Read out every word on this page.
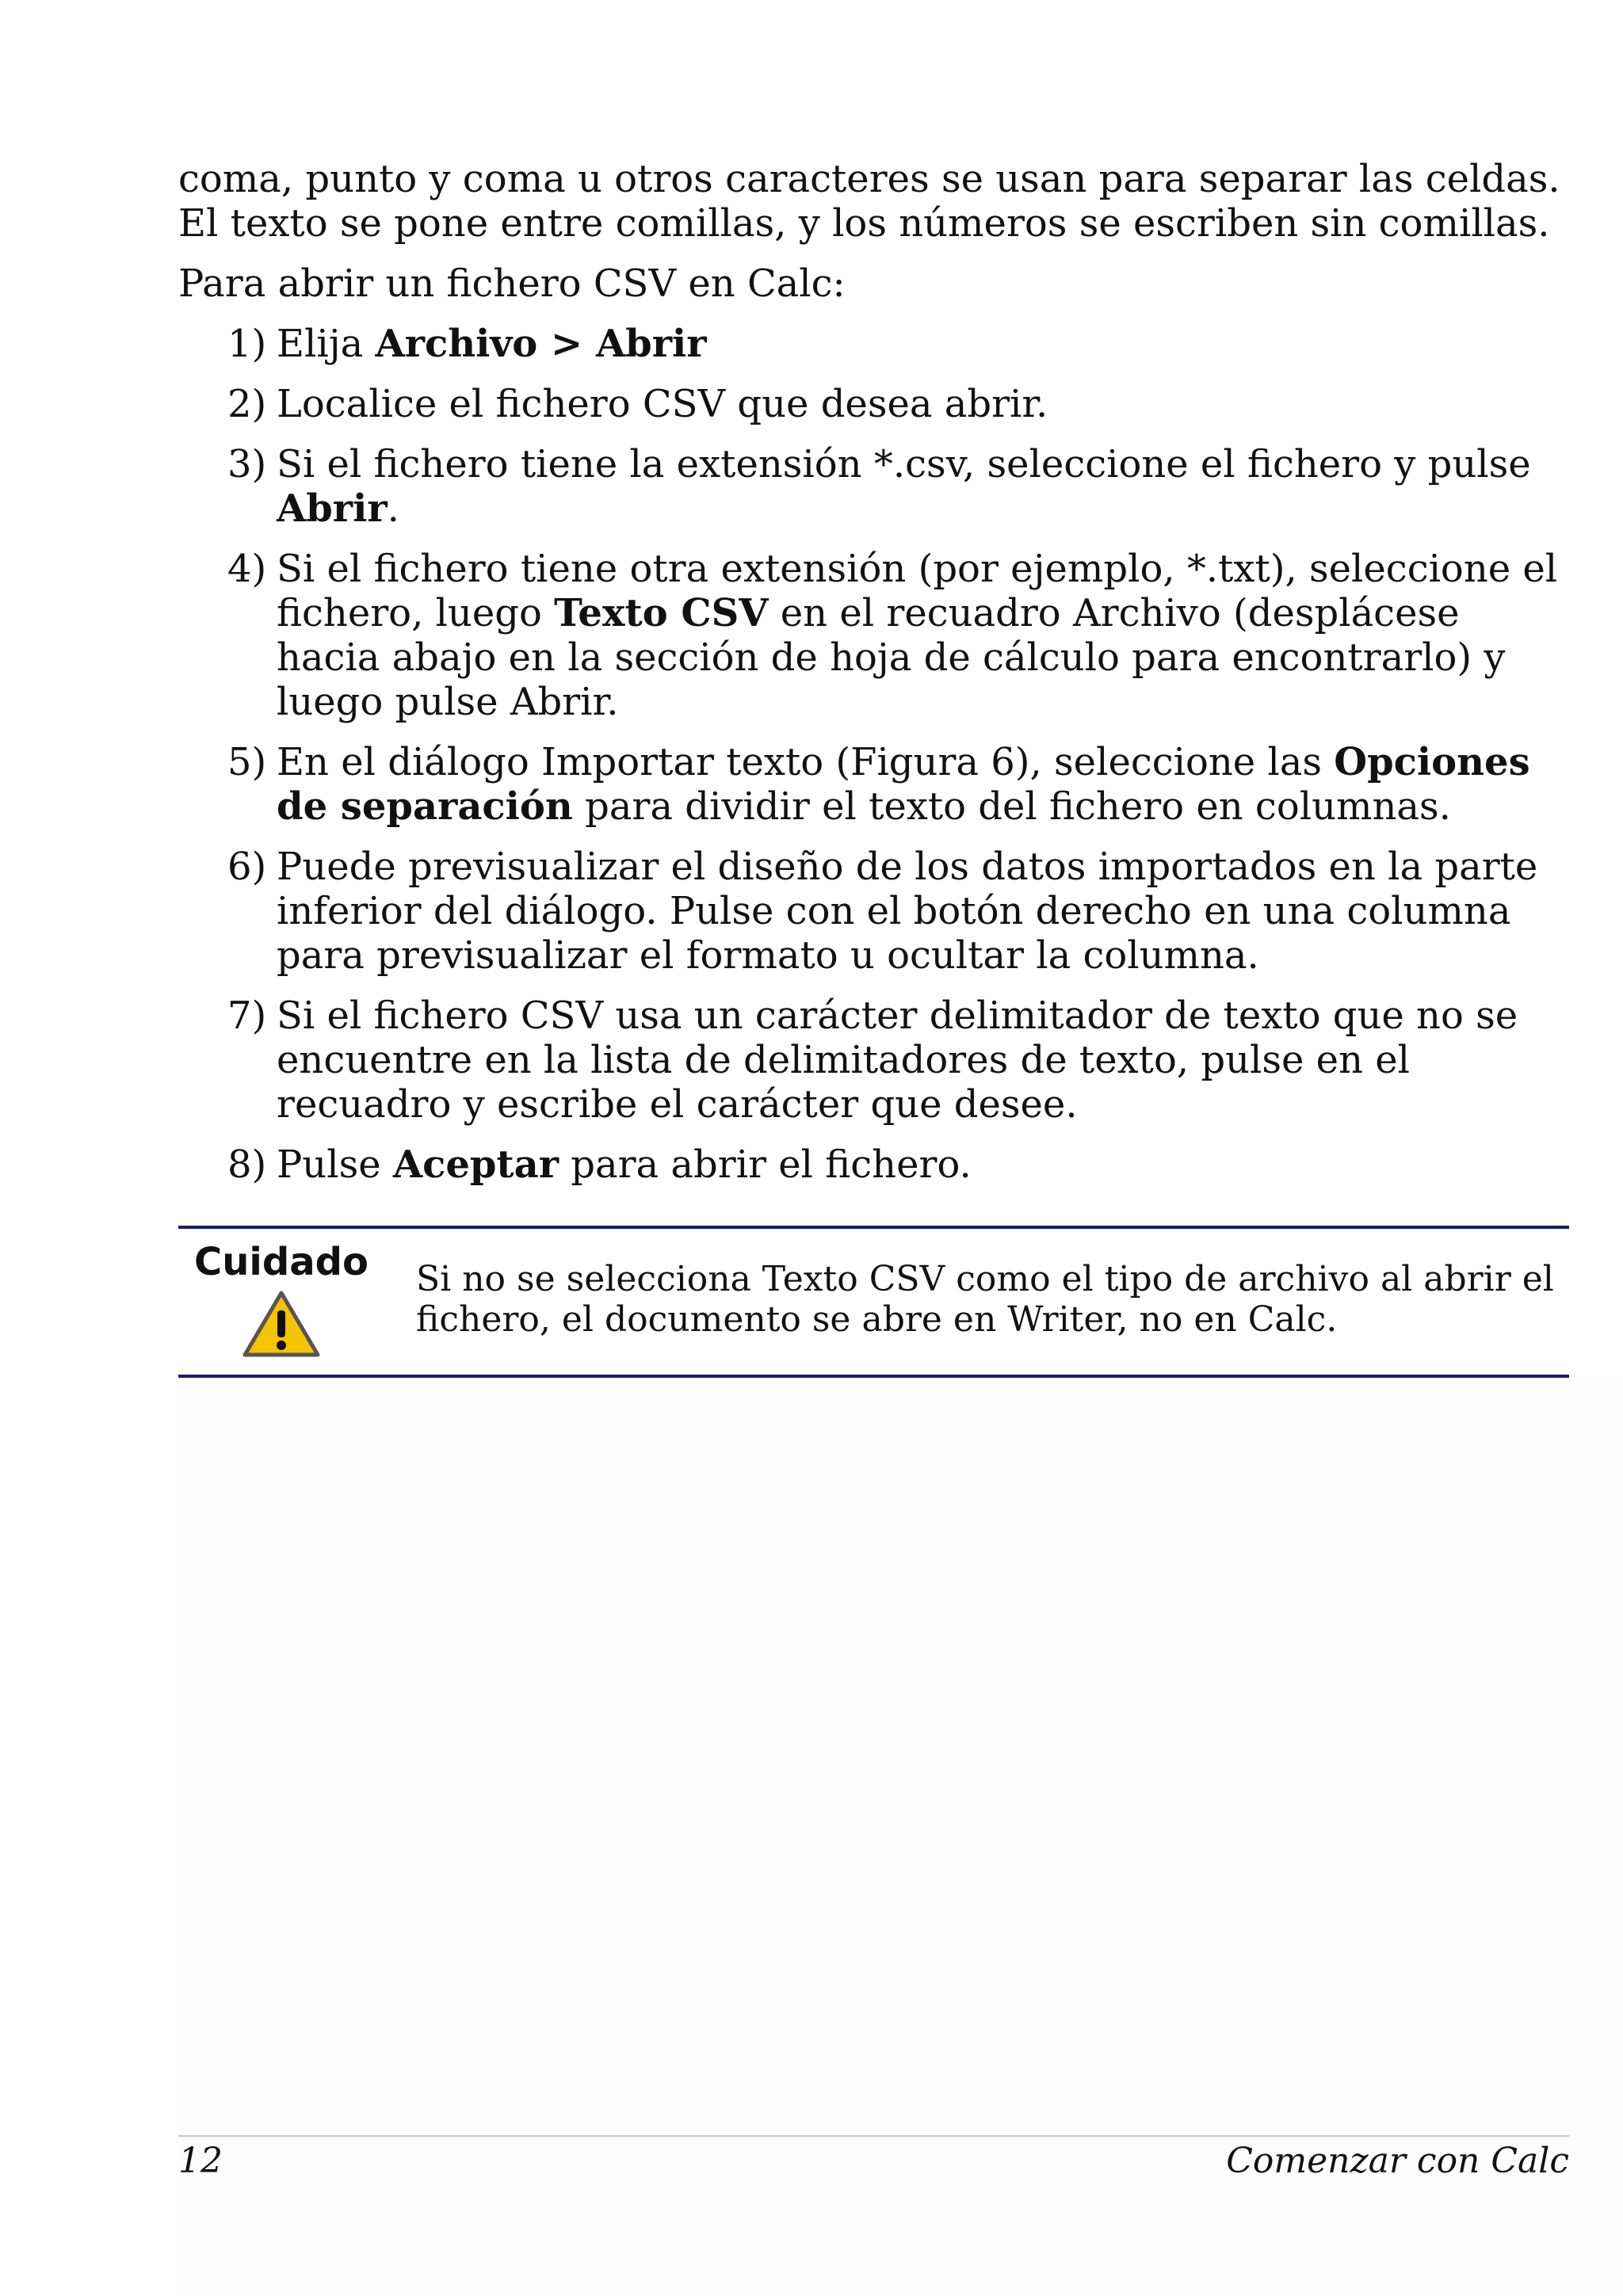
coma, punto y coma u otros caracteres se usan para separar las celdas. El texto se pone entre comillas, y los números se escriben sin comillas.

Para abrir un fichero CSV en Calc:

1) Elija Archivo > Abrir
2) Localice el fichero CSV que desea abrir.
3) Si el fichero tiene la extensión *.csv, seleccione el fichero y pulse Abrir.
4) Si el fichero tiene otra extensión (por ejemplo, *.txt), seleccione el fichero, luego Texto CSV en el recuadro Archivo (desplácese hacia abajo en la sección de hoja de cálculo para encontrarlo) y luego pulse Abrir.
5) En el diálogo Importar texto (Figura 6), seleccione las Opciones de separación para dividir el texto del fichero en columnas.
6) Puede previsualizar el diseño de los datos importados en la parte inferior del diálogo. Pulse con el botón derecho en una columna para previsualizar el formato u ocultar la columna.
7) Si el fichero CSV usa un carácter delimitador de texto que no se encuentre en la lista de delimitadores de texto, pulse en el recuadro y escribe el carácter que desee.
8) Pulse Aceptar para abrir el fichero.
Cuidado Si no se selecciona Texto CSV como el tipo de archivo al abrir el fichero, el documento se abre en Writer, no en Calc.
12	Comenzar con Calc
